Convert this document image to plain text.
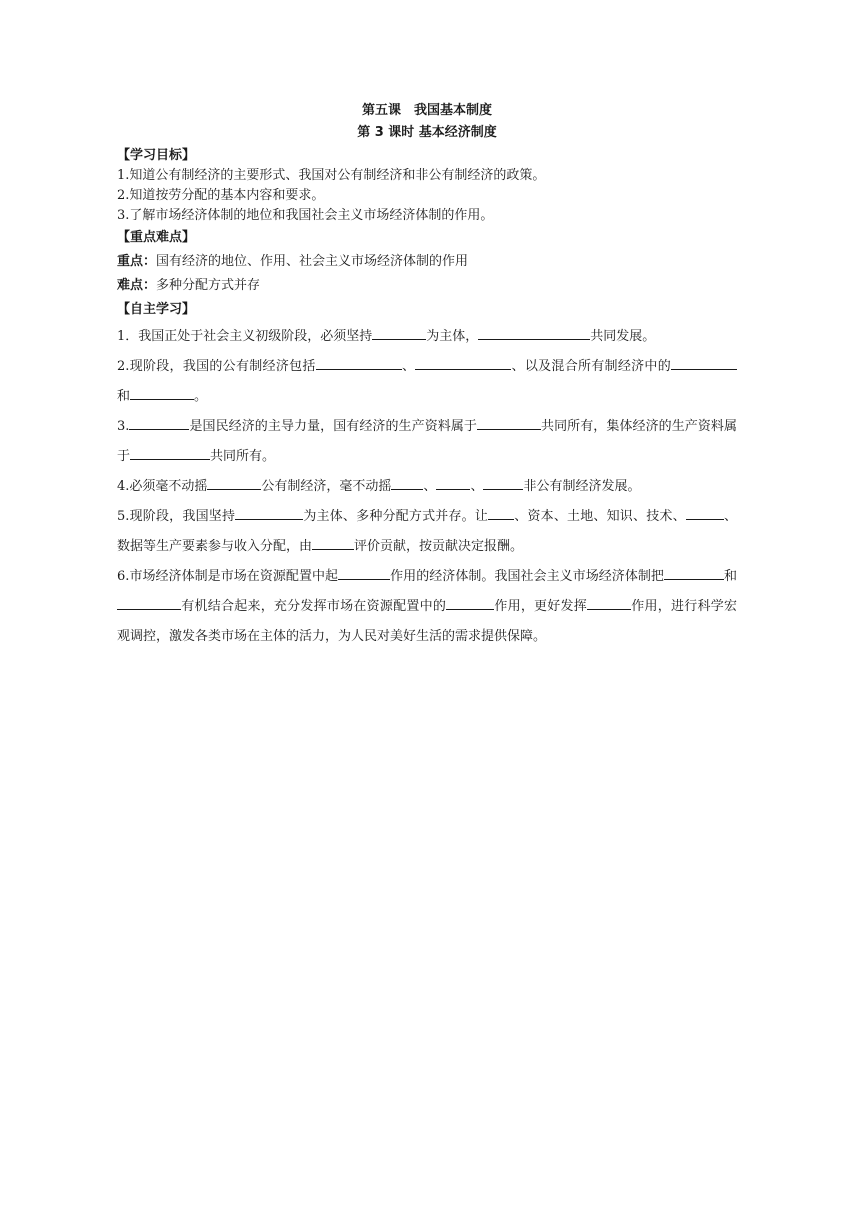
第五课　我国基本制度
第 3 课时 基本经济制度
【学习目标】
1.知道公有制经济的主要形式、我国对公有制经济和非公有制经济的政策。
2.知道按劳分配的基本内容和要求。
3.了解市场经济体制的地位和我国社会主义市场经济体制的作用。
【重点难点】
重点：国有经济的地位、作用、社会主义市场经济体制的作用
难点：多种分配方式并存
【自主学习】
1．我国正处于社会主义初级阶段，必须坚持	为主体，	共同发展。
2.现阶段，我国的公有制经济包括	、	、以及混合所有制经济中的和	。
3.	是国民经济的主导力量，国有经济的生产资料属于	共同所有，集体经济的生产资料属于	共同所有。
4.必须毫不动摇	公有制经济，毫不动摇 、	、	非公有制经济发展。
5.现阶段，我国坚持	为主体、多种分配方式并存。让 、资本、土地、知识、技术、	、数据等生产要素参与收入分配，由	评价贡献，按贡献决定报酬。
6.市场经济体制是市场在资源配置中起	作用的经济体制。我国社会主义市场经济体制把	和有机结合起来，充分发挥市场在资源配置中的	作用，更好发挥	作用，进行科学宏观调控，激发各类市场在主体的活力，为人民对美好生活的需求提供保障。
